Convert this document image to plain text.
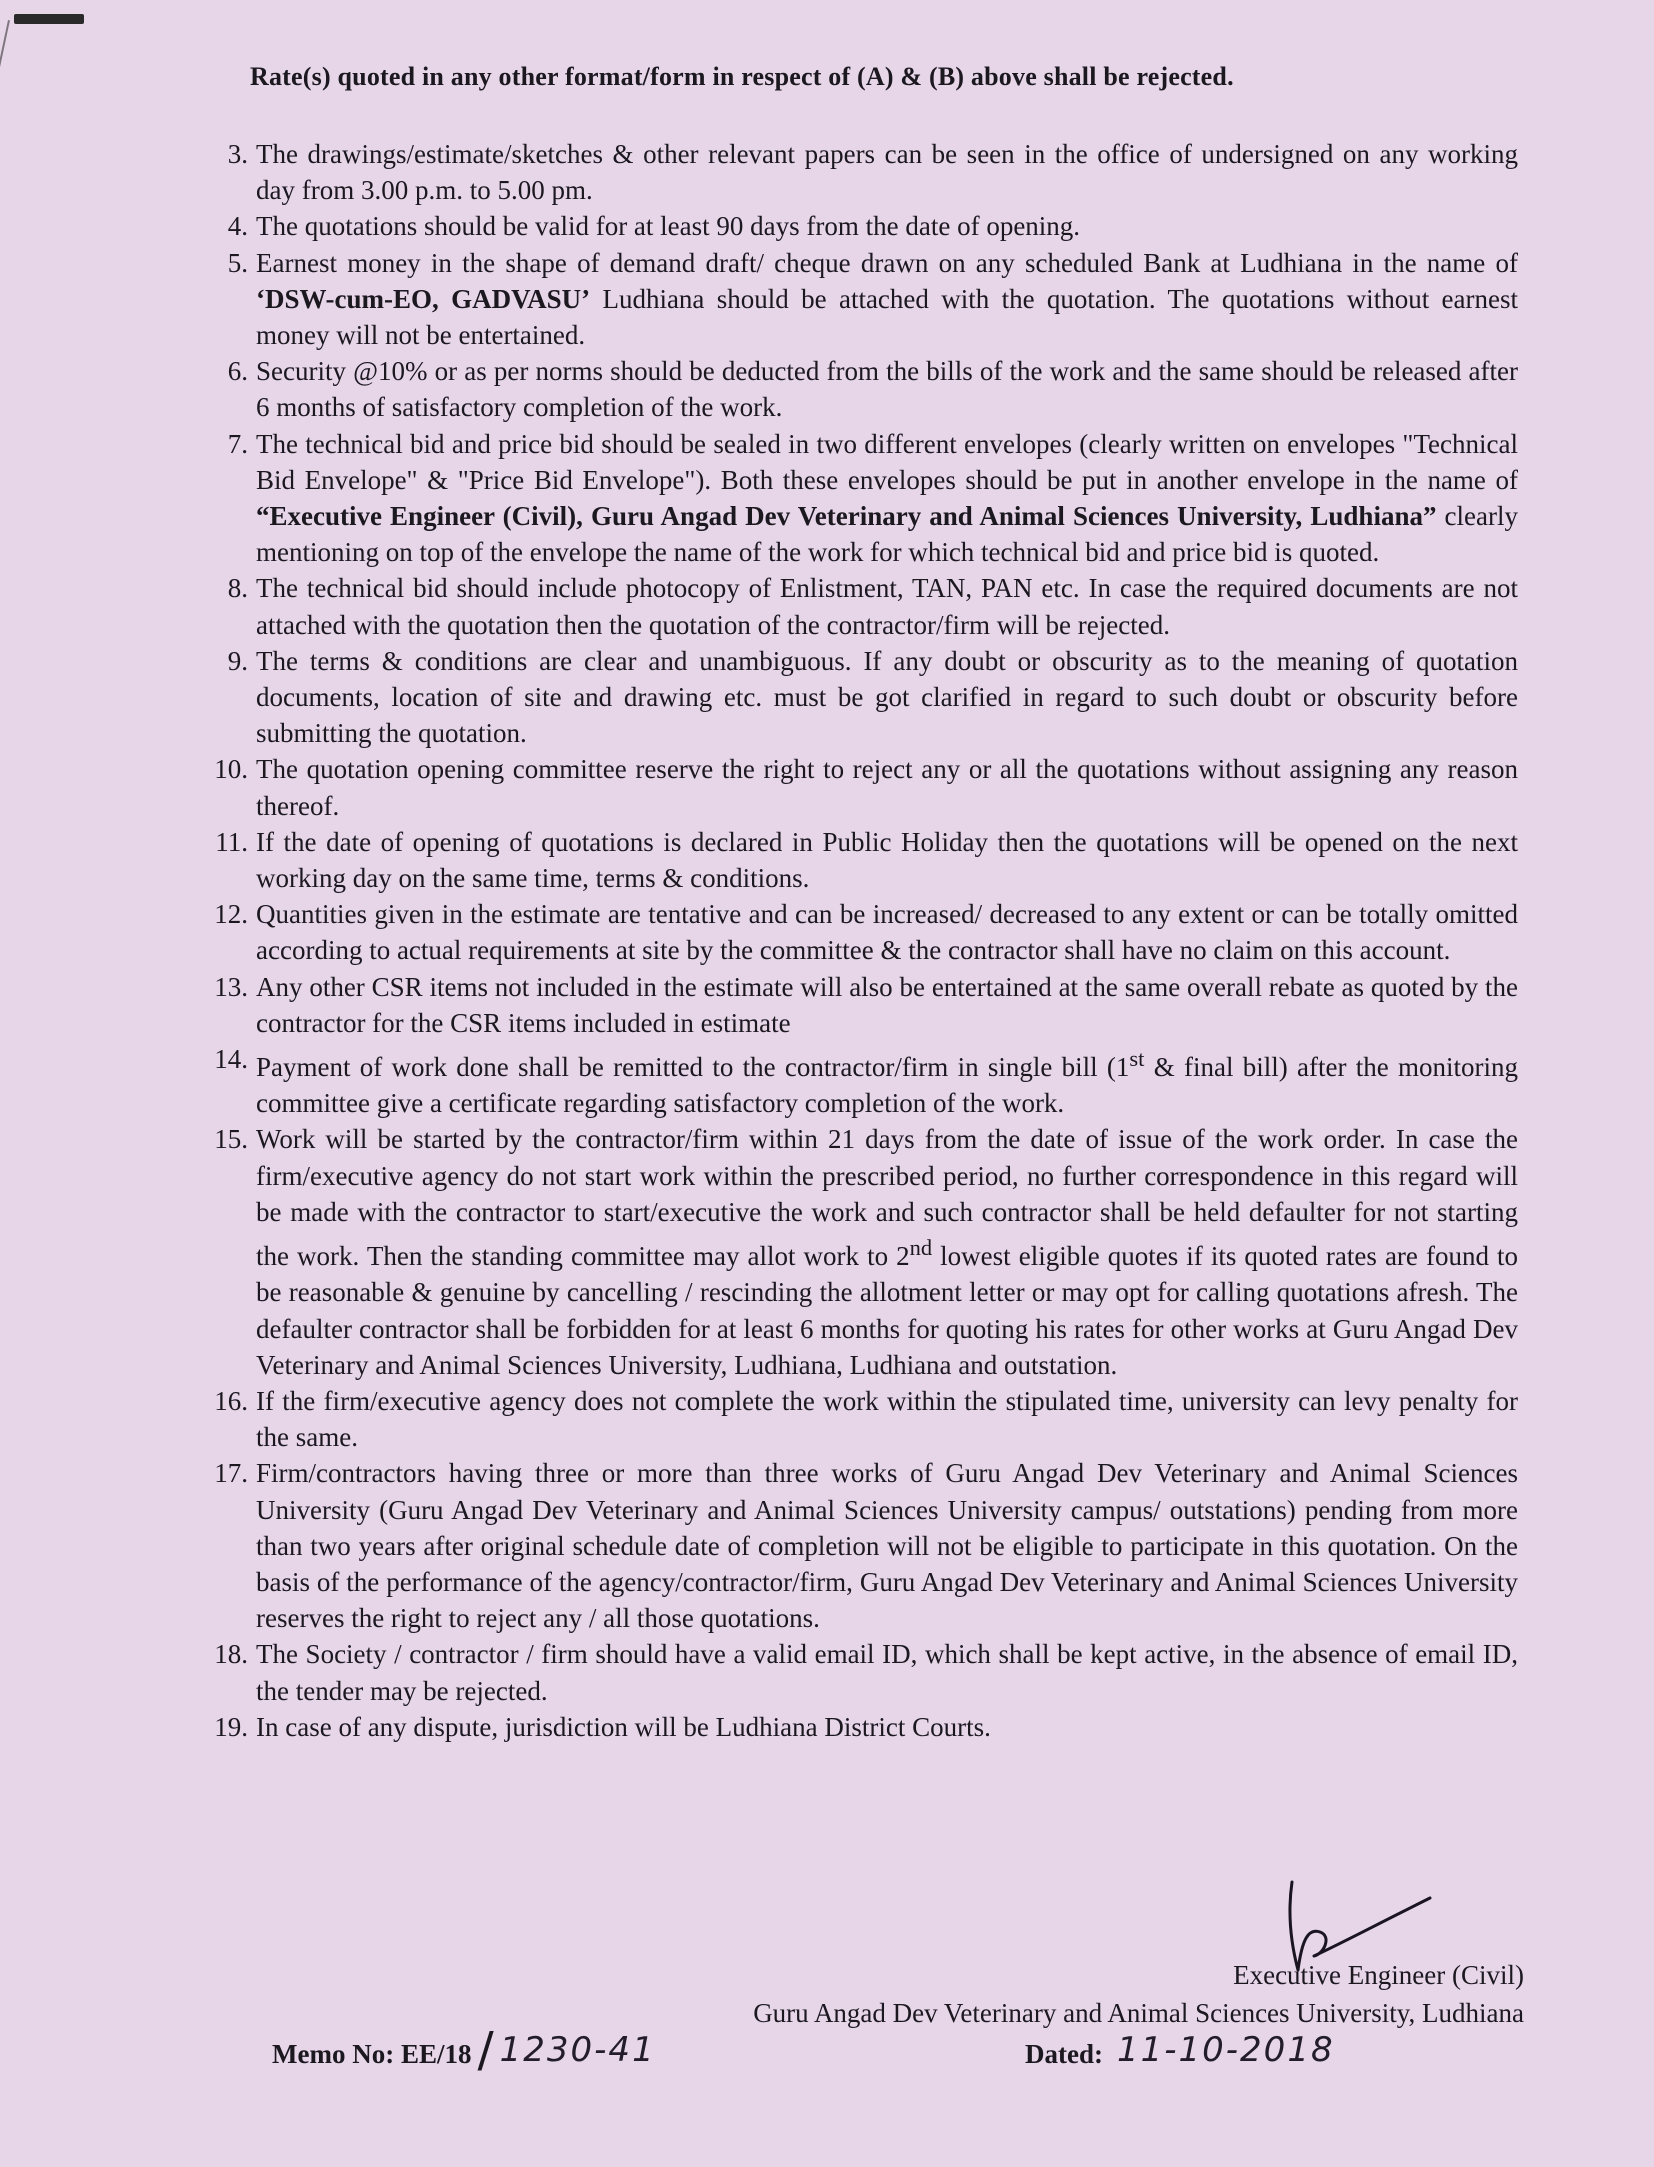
Rate(s) quoted in any other format/form in respect of (A) & (B) above shall be rejected.
3. The drawings/estimate/sketches & other relevant papers can be seen in the office of undersigned on any working day from 3.00 p.m. to 5.00 pm.
4. The quotations should be valid for at least 90 days from the date of opening.
5. Earnest money in the shape of demand draft/ cheque drawn on any scheduled Bank at Ludhiana in the name of ‘DSW-cum-EO, GADVASU’ Ludhiana should be attached with the quotation. The quotations without earnest money will not be entertained.
6. Security @10% or as per norms should be deducted from the bills of the work and the same should be released after 6 months of satisfactory completion of the work.
7. The technical bid and price bid should be sealed in two different envelopes (clearly written on envelopes "Technical Bid Envelope" & "Price Bid Envelope"). Both these envelopes should be put in another envelope in the name of “Executive Engineer (Civil), Guru Angad Dev Veterinary and Animal Sciences University, Ludhiana” clearly mentioning on top of the envelope the name of the work for which technical bid and price bid is quoted.
8. The technical bid should include photocopy of Enlistment, TAN, PAN etc. In case the required documents are not attached with the quotation then the quotation of the contractor/firm will be rejected.
9. The terms & conditions are clear and unambiguous. If any doubt or obscurity as to the meaning of quotation documents, location of site and drawing etc. must be got clarified in regard to such doubt or obscurity before submitting the quotation.
10. The quotation opening committee reserve the right to reject any or all the quotations without assigning any reason thereof.
11. If the date of opening of quotations is declared in Public Holiday then the quotations will be opened on the next working day on the same time, terms & conditions.
12. Quantities given in the estimate are tentative and can be increased/ decreased to any extent or can be totally omitted according to actual requirements at site by the committee & the contractor shall have no claim on this account.
13. Any other CSR items not included in the estimate will also be entertained at the same overall rebate as quoted by the contractor for the CSR items included in estimate
14. Payment of work done shall be remitted to the contractor/firm in single bill (1st & final bill) after the monitoring committee give a certificate regarding satisfactory completion of the work.
15. Work will be started by the contractor/firm within 21 days from the date of issue of the work order. In case the firm/executive agency do not start work within the prescribed period, no further correspondence in this regard will be made with the contractor to start/executive the work and such contractor shall be held defaulter for not starting the work. Then the standing committee may allot work to 2nd lowest eligible quotes if its quoted rates are found to be reasonable & genuine by cancelling / rescinding the allotment letter or may opt for calling quotations afresh. The defaulter contractor shall be forbidden for at least 6 months for quoting his rates for other works at Guru Angad Dev Veterinary and Animal Sciences University, Ludhiana, Ludhiana and outstation.
16. If the firm/executive agency does not complete the work within the stipulated time, university can levy penalty for the same.
17. Firm/contractors having three or more than three works of Guru Angad Dev Veterinary and Animal Sciences University (Guru Angad Dev Veterinary and Animal Sciences University campus/ outstations) pending from more than two years after original schedule date of completion will not be eligible to participate in this quotation. On the basis of the performance of the agency/contractor/firm, Guru Angad Dev Veterinary and Animal Sciences University reserves the right to reject any / all those quotations.
18. The Society / contractor / firm should have a valid email ID, which shall be kept active, in the absence of email ID, the tender may be rejected.
19. In case of any dispute, jurisdiction will be Ludhiana District Courts.
Executive Engineer (Civil)
Guru Angad Dev Veterinary and Animal Sciences University, Ludhiana
Memo No: EE/18 / 1230-41	Dated: 11-10-2018
